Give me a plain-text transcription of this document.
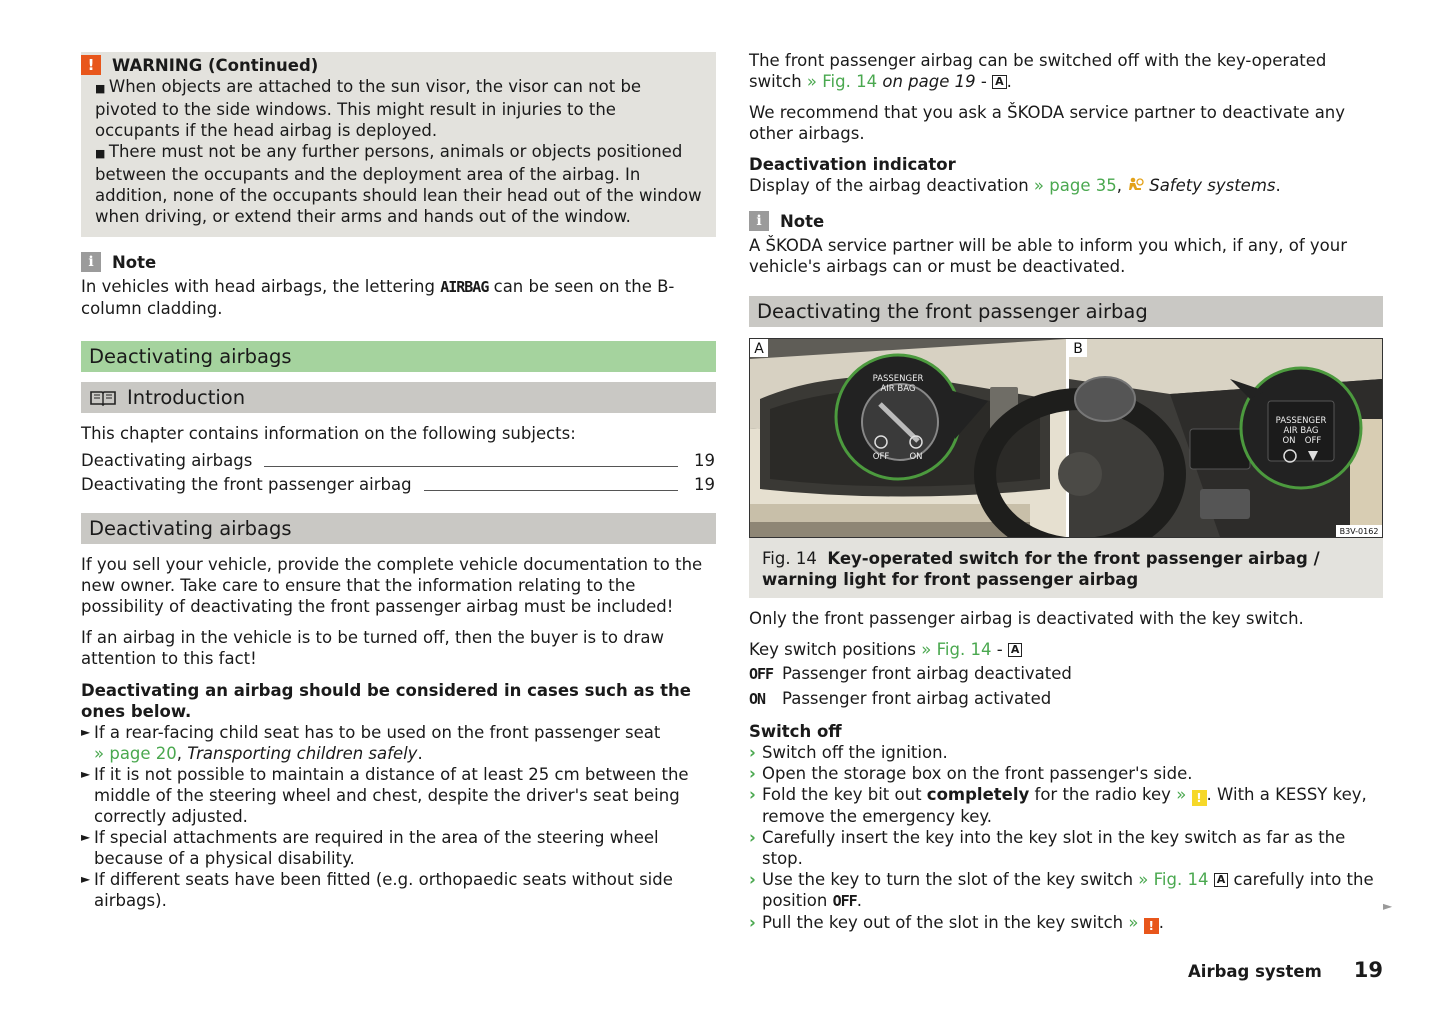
!	WARNING (Continued)

■ When objects are attached to the sun visor, the visor can not be pivoted to the side windows. This might result in injuries to the occupants if the head airbag is deployed.

■ There must not be any further persons, animals or objects positioned between the occupants and the deployment area of the airbag. In addition, none of the occupants should lean their head out of the window when driving, or extend their arms and hands out of the window.

i	Note

In vehicles with head airbags, the lettering AIRBAG can be seen on the B-column cladding.

Deactivating airbags
Introduction

This chapter contains information on the following subjects:

Deactivating airbags	19
Deactivating the front passenger airbag	19
Deactivating airbags

If you sell your vehicle, provide the complete vehicle documentation to the new owner. Take care to ensure that the information relating to the possibility of deactivating the front passenger airbag must be included!

If an airbag in the vehicle is to be turned off, then the buyer is to draw attention to this fact!

Deactivating an airbag should be considered in cases such as the ones below.

► If a rear-facing child seat has to be used on the front passenger seat
» page 20, Transporting children safely.
► If it is not possible to maintain a distance of at least 25 cm between the middle of the steering wheel and chest, despite the driver's seat being correctly adjusted.
► If special attachments are required in the area of the steering wheel because of a physical disability.
► If different seats have been fitted (e.g. orthopaedic seats without side airbags).

The front passenger airbag can be switched off with the key-operated switch » Fig. 14 on page 19 - A .

We recommend that you ask a ŠKODA service partner to deactivate any other airbags.

Deactivation indicator

Display of the airbag deactivation » page 35, Safety systems.

i	Note

A ŠKODA service partner will be able to inform you which, if any, of your vehicle's airbags can or must be deactivated.

Deactivating the front passenger airbag
PASSENGER
AIR BAG
OFF ON
PASSENGER
AIR BAG
ON OFF
A	B
B3V-0162
Fig. 14 Key-operated switch for the front passenger airbag / warning light for front passenger airbag

Only the front passenger airbag is deactivated with the key switch.

Key switch positions » Fig. 14 - A

OFF Passenger front airbag deactivated

ON Passenger front airbag activated

Switch off

› Switch off the ignition.
› Open the storage box on the front passenger's side.
› Fold the key bit out completely for the radio key » ! . With a KESSY key, remove the emergency key.
› Carefully insert the key into the key slot in the key switch as far as the stop.
› Use the key to turn the slot of the key switch » Fig. 14 A carefully into the position OFF.
› Pull the key out of the slot in the key switch » ! .
►
Airbag system 19
